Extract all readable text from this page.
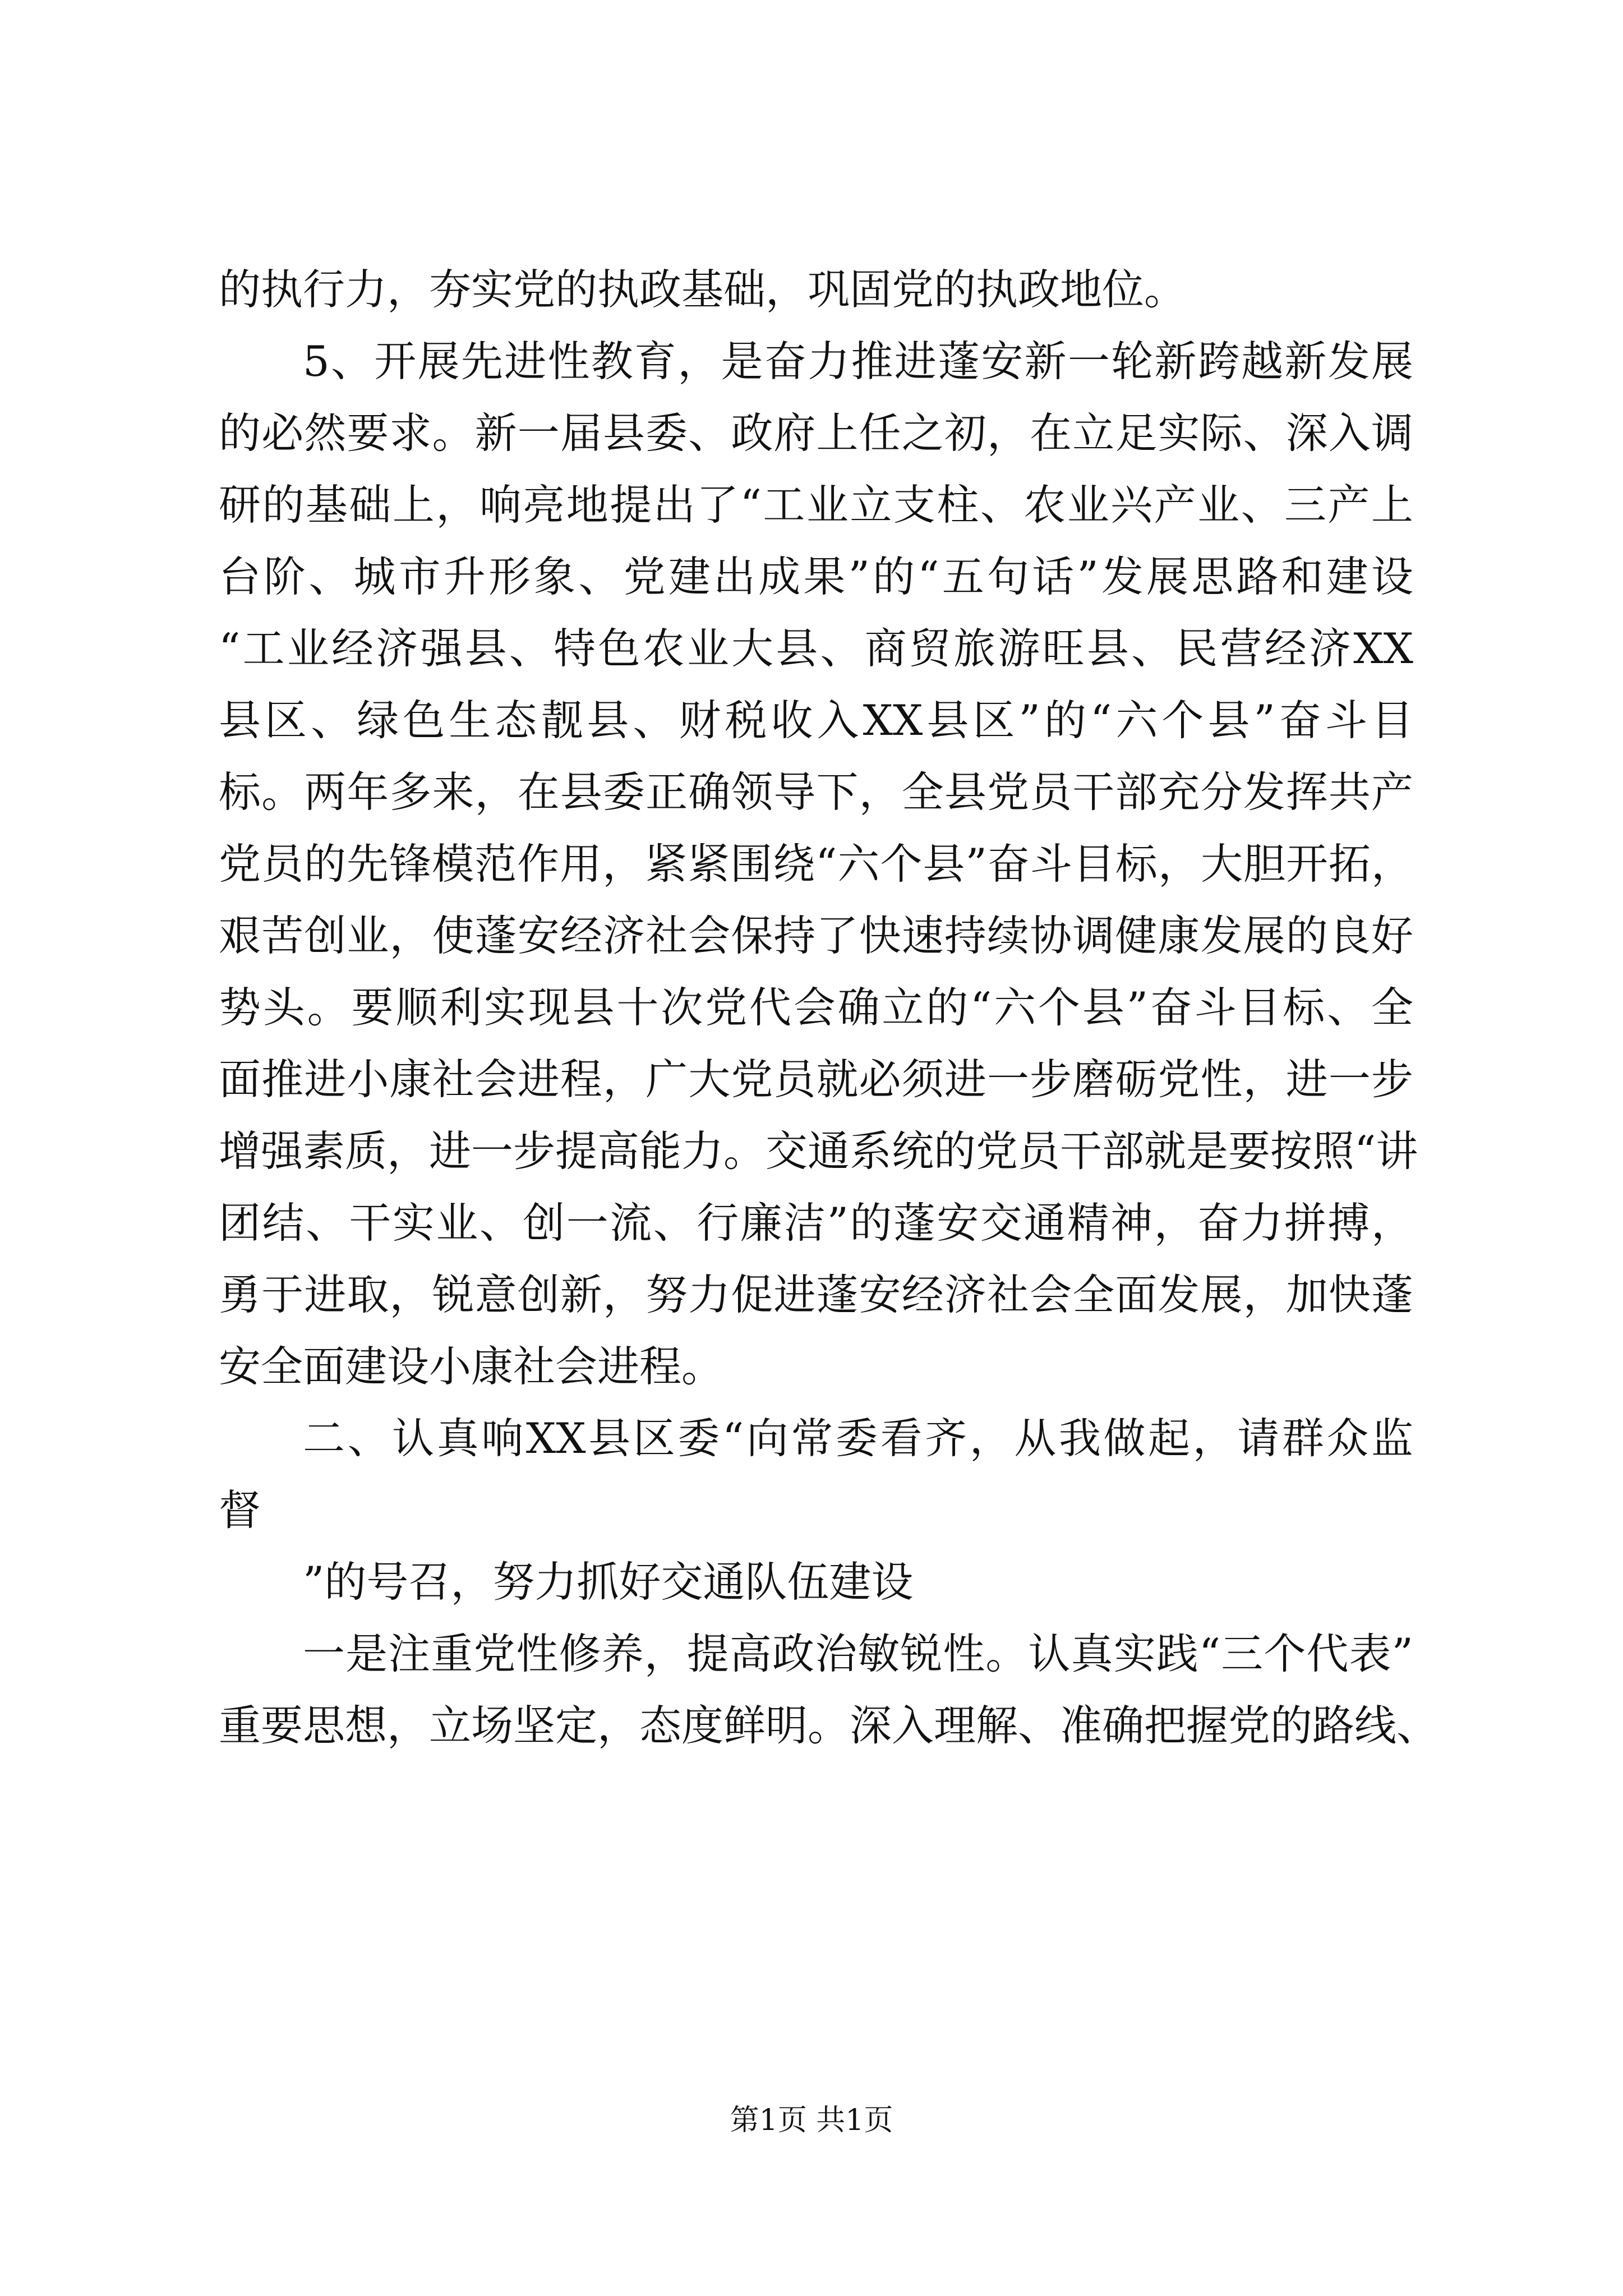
的执行力，夯实党的执政基础，巩固党的执政地位。
5、开展先进性教育，是奋力推进蓬安新一轮新跨越新发展
的必然要求。新一届县委、政府上任之初，在立足实际、深入调
研的基础上，响亮地提出了“工业立支柱、农业兴产业、三产上
台阶、城市升形象、党建出成果”的“五句话”发展思路和建设
“工业经济强县、特色农业大县、商贸旅游旺县、民营经济XX
县区、绿色生态靓县、财税收入XX县区”的“六个县”奋斗目
标。两年多来，在县委正确领导下，全县党员干部充分发挥共产
党员的先锋模范作用，紧紧围绕“六个县”奋斗目标，大胆开拓，
艰苦创业，使蓬安经济社会保持了快速持续协调健康发展的良好
势头。要顺利实现县十次党代会确立的“六个县”奋斗目标、全
面推进小康社会进程，广大党员就必须进一步磨砺党性，进一步
增强素质，进一步提高能力。交通系统的党员干部就是要按照“讲
团结、干实业、创一流、行廉洁”的蓬安交通精神，奋力拼搏，
勇于进取，锐意创新，努力促进蓬安经济社会全面发展，加快蓬
安全面建设小康社会进程。
二、认真响XX县区委“向常委看齐，从我做起，请群众监
督
”的号召，努力抓好交通队伍建设
一是注重党性修养，提高政治敏锐性。认真实践“三个代表”
重要思想，立场坚定，态度鲜明。深入理解、准确把握党的路线、
第1页 共1页
